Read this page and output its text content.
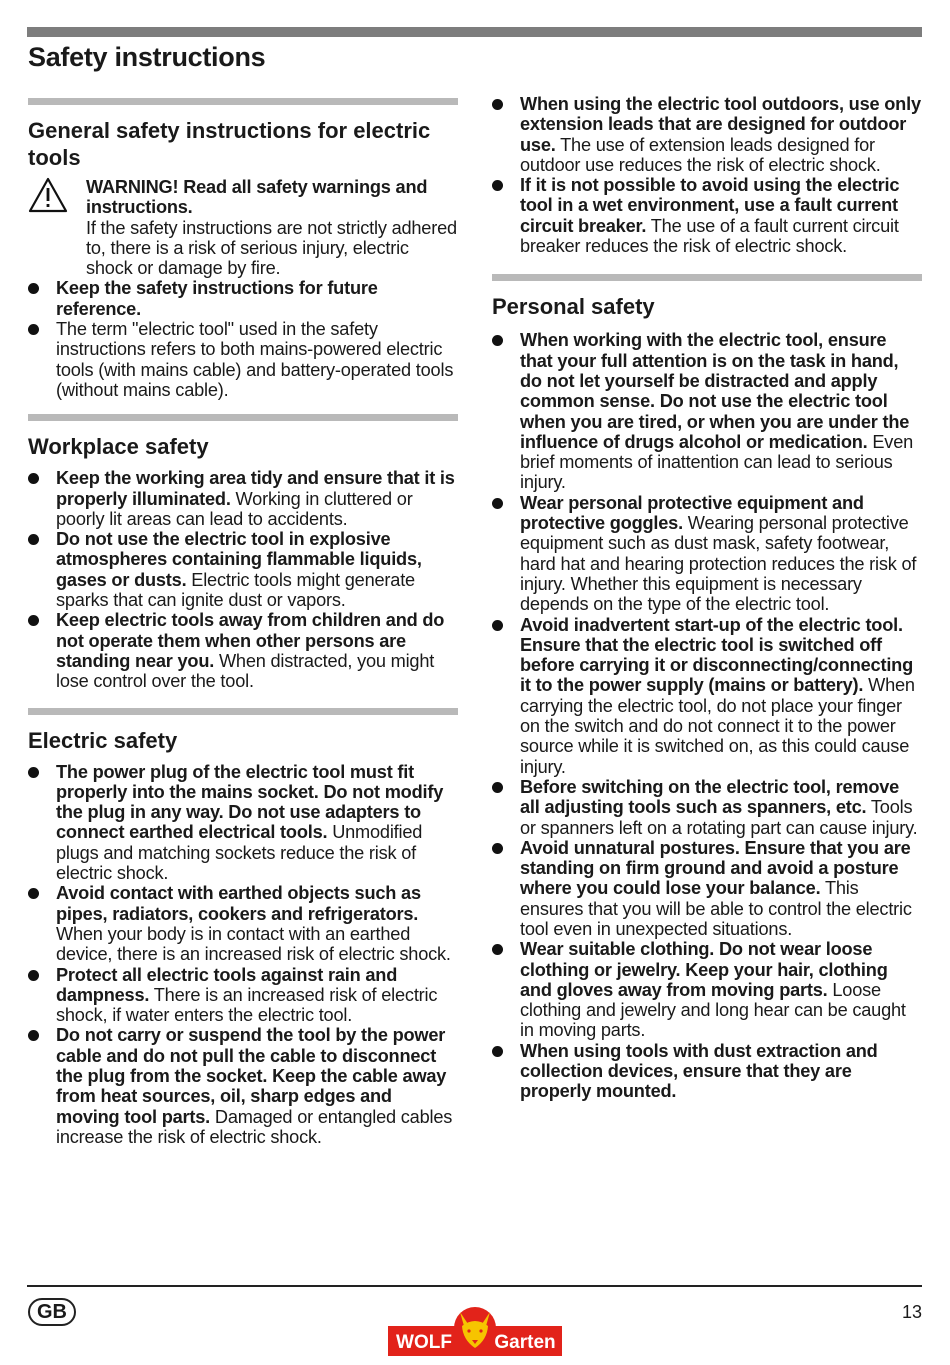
Safety instructions
General safety instructions for electric tools
WARNING! Read all safety warnings and instructions.
If the safety instructions are not strictly adhered to, there is a risk of serious injury, electric shock or damage by fire.
Keep the safety instructions for future reference.
The term "electric tool" used in the safety instructions refers to both mains-powered electric tools (with mains cable) and battery-operated tools (without mains cable).
Workplace safety
Keep the working area tidy and ensure that it is properly illuminated. Working in cluttered or poorly lit areas can lead to accidents.
Do not use the electric tool in explosive atmospheres containing flammable liquids, gases or dusts. Electric tools might generate sparks that can ignite dust or vapors.
Keep electric tools away from children and do not operate them when other persons are standing near you. When distracted, you might lose control over the tool.
Electric safety
The power plug of the electric tool must fit properly into the mains socket. Do not modify the plug in any way. Do not use adapters to connect earthed electrical tools. Unmodified plugs and matching sockets reduce the risk of electric shock.
Avoid contact with earthed objects such as pipes, radiators, cookers and refrigerators. When your body is in contact with an earthed device, there is an increased risk of electric shock.
Protect all electric tools against rain and dampness. There is an increased risk of electric shock, if water enters the electric tool.
Do not carry or suspend the tool by the power cable and do not pull the cable to disconnect the plug from the socket. Keep the cable away from heat sources, oil, sharp edges and moving tool parts. Damaged or entangled cables increase the risk of electric shock.
When using the electric tool outdoors, use only extension leads that are designed for outdoor use. The use of extension leads designed for outdoor use reduces the risk of electric shock.
If it is not possible to avoid using the electric tool in a wet environment, use a fault current circuit breaker. The use of a fault current circuit breaker reduces the risk of electric shock.
Personal safety
When working with the electric tool, ensure that your full attention is on the task in hand, do not let yourself be distracted and apply common sense. Do not use the electric tool when you are tired, or when you are under the influence of drugs alcohol or medication. Even brief moments of inattention can lead to serious injury.
Wear personal protective equipment and protective goggles. Wearing personal protective equipment such as dust mask, safety footwear, hard hat and hearing protection reduces the risk of injury. Whether this equipment is necessary depends on the type of the electric tool.
Avoid inadvertent start-up of the electric tool. Ensure that the electric tool is switched off before carrying it or disconnecting/connecting it to the power supply (mains or battery). When carrying the electric tool, do not place your finger on the switch and do not connect it to the power source while it is switched on, as this could cause injury.
Before switching on the electric tool, remove all adjusting tools such as spanners, etc. Tools or spanners left on a rotating part can cause injury.
Avoid unnatural postures. Ensure that you are standing on firm ground and avoid a posture where you could lose your balance. This ensures that you will be able to control the electric tool even in unexpected situations.
Wear suitable clothing. Do not wear loose clothing or jewelry. Keep your hair, clothing and gloves away from moving parts. Loose clothing and jewelry and long hear can be caught in moving parts.
When using tools with dust extraction and collection devices, ensure that they are properly mounted.
GB
WOLF Garten
13
